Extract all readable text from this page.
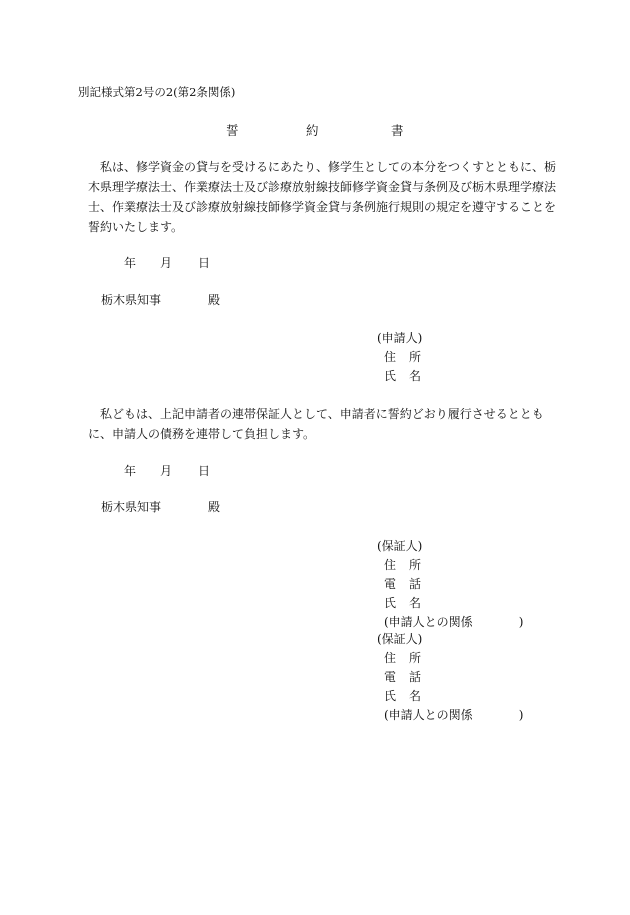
別記様式第2号の2(第2条関係)
誓	約	書
私は、修学資金の貸与を受けるにあたり、修学生としての本分をつくすとともに、栃
木県理学療法士、作業療法士及び診療放射線技師修学資金貸与条例及び栃木県理学療法
士、作業療法士及び診療放射線技師修学資金貸与条例施行規則の規定を遵守することを
誓約いたします。
年 月 日
栃木県知事	殿
(申請人)
住 所
氏 名
私どもは、上記申請者の連帯保証人として、申請者に誓約どおり履行させるととも
に、申請人の債務を連帯して負担します。
年 月 日
栃木県知事	殿
(保証人)
住 所
電 話
氏 名
(申請人との関係	)
(保証人)
住 所
電 話
氏 名
(申請人との関係	)
